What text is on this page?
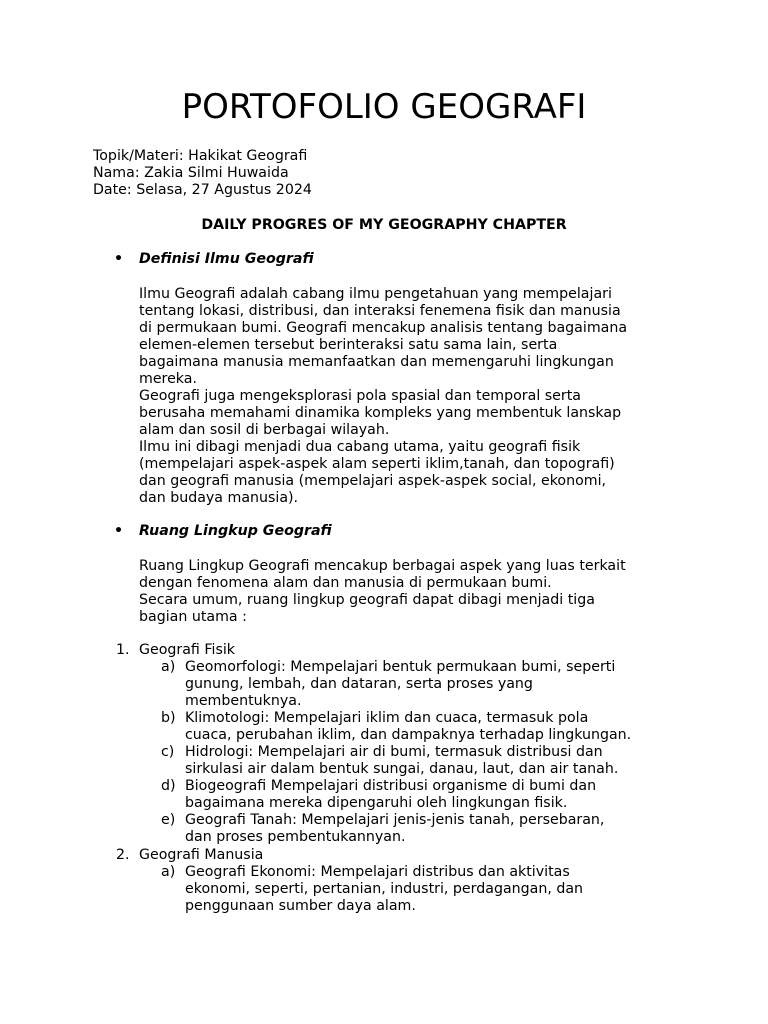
PORTOFOLIO GEOGRAFI
Topik/Materi: Hakikat Geografi
Nama: Zakia Silmi Huwaida
Date: Selasa, 27 Agustus 2024
DAILY PROGRES OF MY GEOGRAPHY CHAPTER
• Definisi Ilmu Geografi
Ilmu Geografi adalah cabang ilmu pengetahuan yang mempelajari
tentang lokasi, distribusi, dan interaksi fenemena fisik dan manusia
di permukaan bumi. Geografi mencakup analisis tentang bagaimana
elemen-elemen tersebut berinteraksi satu sama lain, serta
bagaimana manusia memanfaatkan dan memengaruhi lingkungan
mereka.
Geografi juga mengeksplorasi pola spasial dan temporal serta
berusaha memahami dinamika kompleks yang membentuk lanskap
alam dan sosil di berbagai wilayah.
Ilmu ini dibagi menjadi dua cabang utama, yaitu geografi fisik
(mempelajari aspek-aspek alam seperti iklim,tanah, dan topografi)
dan geografi manusia (mempelajari aspek-aspek social, ekonomi,
dan budaya manusia).
• Ruang Lingkup Geografi
Ruang Lingkup Geografi mencakup berbagai aspek yang luas terkait
dengan fenomena alam dan manusia di permukaan bumi.
Secara umum, ruang lingkup geografi dapat dibagi menjadi tiga
bagian utama :
1. Geografi Fisik
a) Geomorfologi: Mempelajari bentuk permukaan bumi, seperti
gunung, lembah, dan dataran, serta proses yang
membentuknya.
b) Klimotologi: Mempelajari iklim dan cuaca, termasuk pola
cuaca, perubahan iklim, dan dampaknya terhadap lingkungan.
c) Hidrologi: Mempelajari air di bumi, termasuk distribusi dan
sirkulasi air dalam bentuk sungai, danau, laut, dan air tanah.
d) Biogeografi Mempelajari distribusi organisme di bumi dan
bagaimana mereka dipengaruhi oleh lingkungan fisik.
e) Geografi Tanah: Mempelajari jenis-jenis tanah, persebaran,
dan proses pembentukannyan.
2. Geografi Manusia
a) Geografi Ekonomi: Mempelajari distribus dan aktivitas
ekonomi, seperti, pertanian, industri, perdagangan, dan
penggunaan sumber daya alam.
